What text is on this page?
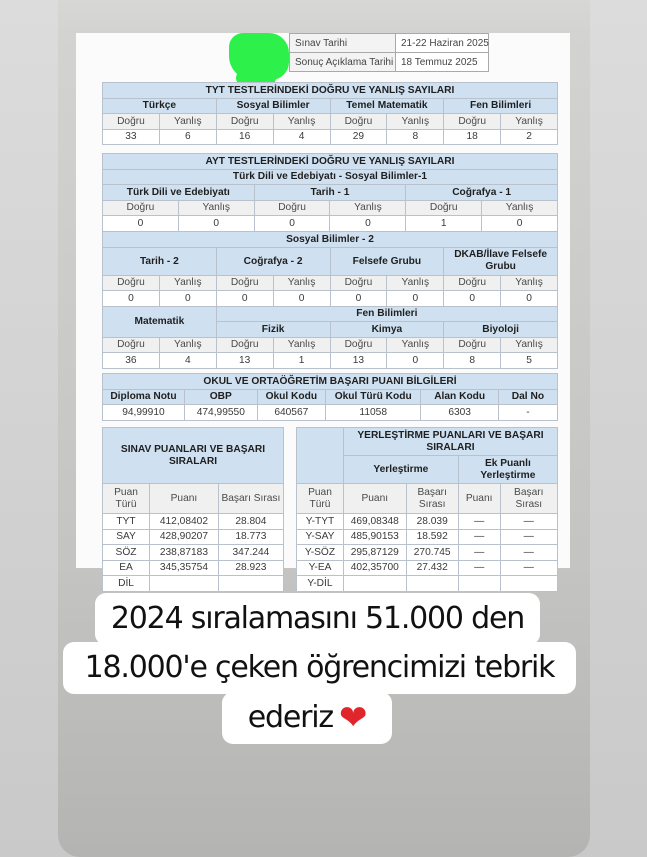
Sınav Tarihi	21-22 Haziran 2025
Sonuç Açıklama Tarihi	18 Temmuz 2025
TYT TESTLERİNDEKİ DOĞRU VE YANLIŞ SAYILARI							
Türkçe		Sosyal Bilimler		Temel Matematik		Fen Bilimleri	
Doğru	Yanlış	Doğru	Yanlış	Doğru	Yanlış	Doğru	Yanlış
33	6	16	4	29	8	18	2
AYT TESTLERİNDEKİ DOĞRU VE YANLIŞ SAYILARI					
Türk Dili ve Edebiyatı - Sosyal Bilimler-1					
Türk Dili ve Edebiyatı		Tarih - 1		Coğrafya - 1	
Doğru	Yanlış	Doğru	Yanlış	Doğru	Yanlış
0	0	0	0	1	0
Sosyal Bilimler - 2							
Tarih - 2		Coğrafya - 2		Felsefe Grubu		DKAB/İlave Felsefe Grubu	
Doğru	Yanlış	Doğru	Yanlış	Doğru	Yanlış	Doğru	Yanlış
0	0	0	0	0	0	0	0
Matematik		Fen Bilimleri					
		Fizik		Kimya		Biyoloji	
Doğru	Yanlış	Doğru	Yanlış	Doğru	Yanlış	Doğru	Yanlış
36	4	13	1	13	0	8	5
OKUL VE ORTAÖĞRETİM BAŞARI PUANI BİLGİLERİ					
Diploma Notu	OBP	Okul Kodu	Okul Türü Kodu	Alan Kodu	Dal No
94,99910	474,99550	640567	11058	6303	-
SINAV PUANLARI VE BAŞARI SIRALARI		
Puan Türü	Puanı	Başarı Sırası
TYT	412,08402	28.804
SAY	428,90207	18.773
SÖZ	238,87183	347.244
EA	345,35754	28.923
DİL		
	YERLEŞTİRME PUANLARI VE BAŞARI SIRALARI			
	Yerleştirme		Ek Puanlı Yerleştirme	
Puan Türü	Puanı	Başarı Sırası	Puanı	Başarı Sırası
Y-TYT	469,08348	28.039	—	—
Y-SAY	485,90153	18.592	—	—
Y-SÖZ	295,87129	270.745	—	—
Y-EA	402,35700	27.432	—	—
Y-DİL				
2024 sıralamasını 51.000 den
18.000'e çeken öğrencimizi tebrik
ederiz ❤
